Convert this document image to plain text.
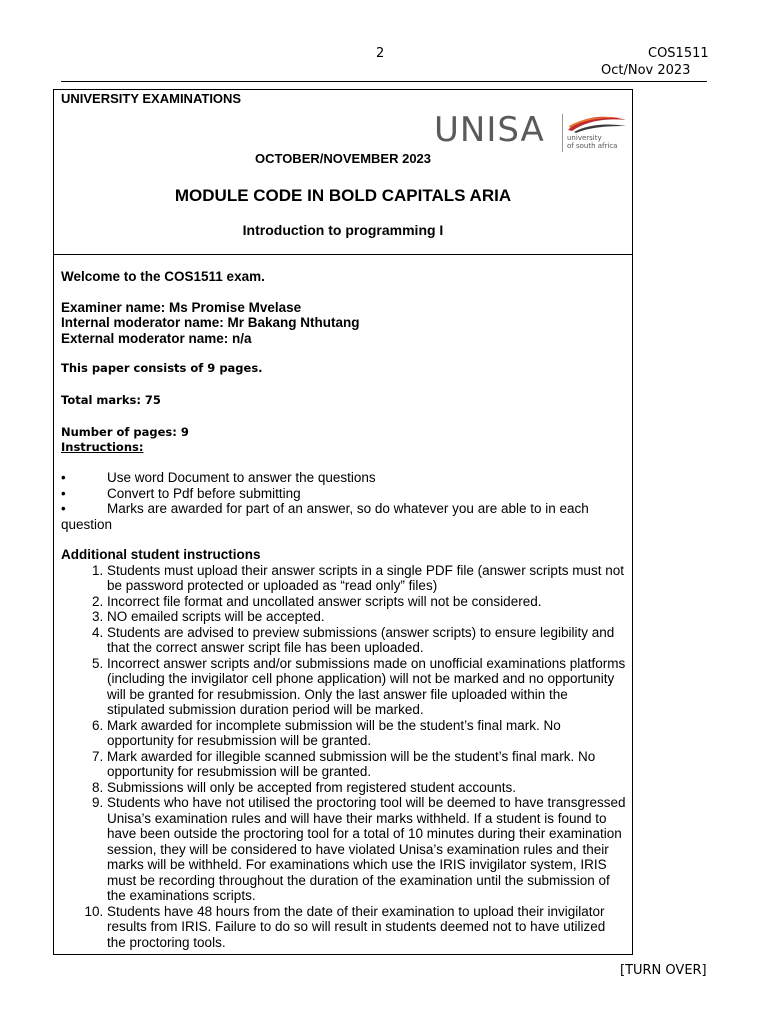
2	COS1511
Oct/Nov 2023
UNIVERSITY EXAMINATIONS
UNISA	university
of south africa
OCTOBER/NOVEMBER 2023
MODULE CODE IN BOLD CAPITALS ARIA
Introduction to programming I
Welcome to the COS1511 exam.
Examiner name: Ms Promise Mvelase
Internal moderator name: Mr Bakang Nthutang
External moderator name: n/a
This paper consists of 9 pages.
Total marks: 75
Number of pages: 9
Instructions:
•	Use word Document to answer the questions
•	Convert to Pdf before submitting
•	Marks are awarded for part of an answer, so do whatever you are able to in each
question
Additional student instructions
1. Students must upload their answer scripts in a single PDF file (answer scripts must not be password protected or uploaded as “read only” files)
2. Incorrect file format and uncollated answer scripts will not be considered.
3. NO emailed scripts will be accepted.
4. Students are advised to preview submissions (answer scripts) to ensure legibility and that the correct answer script file has been uploaded.
5. Incorrect answer scripts and/or submissions made on unofficial examinations platforms (including the invigilator cell phone application) will not be marked and no opportunity will be granted for resubmission. Only the last answer file uploaded within the stipulated submission duration period will be marked.
6. Mark awarded for incomplete submission will be the student’s final mark. No opportunity for resubmission will be granted.
7. Mark awarded for illegible scanned submission will be the student’s final mark. No opportunity for resubmission will be granted.
8. Submissions will only be accepted from registered student accounts.
9. Students who have not utilised the proctoring tool will be deemed to have transgressed Unisa’s examination rules and will have their marks withheld. If a student is found to have been outside the proctoring tool for a total of 10 minutes during their examination session, they will be considered to have violated Unisa’s examination rules and their marks will be withheld. For examinations which use the IRIS invigilator system, IRIS must be recording throughout the duration of the examination until the submission of the examinations scripts.
10. Students have 48 hours from the date of their examination to upload their invigilator results from IRIS. Failure to do so will result in students deemed not to have utilized the proctoring tools.
[TURN OVER]
